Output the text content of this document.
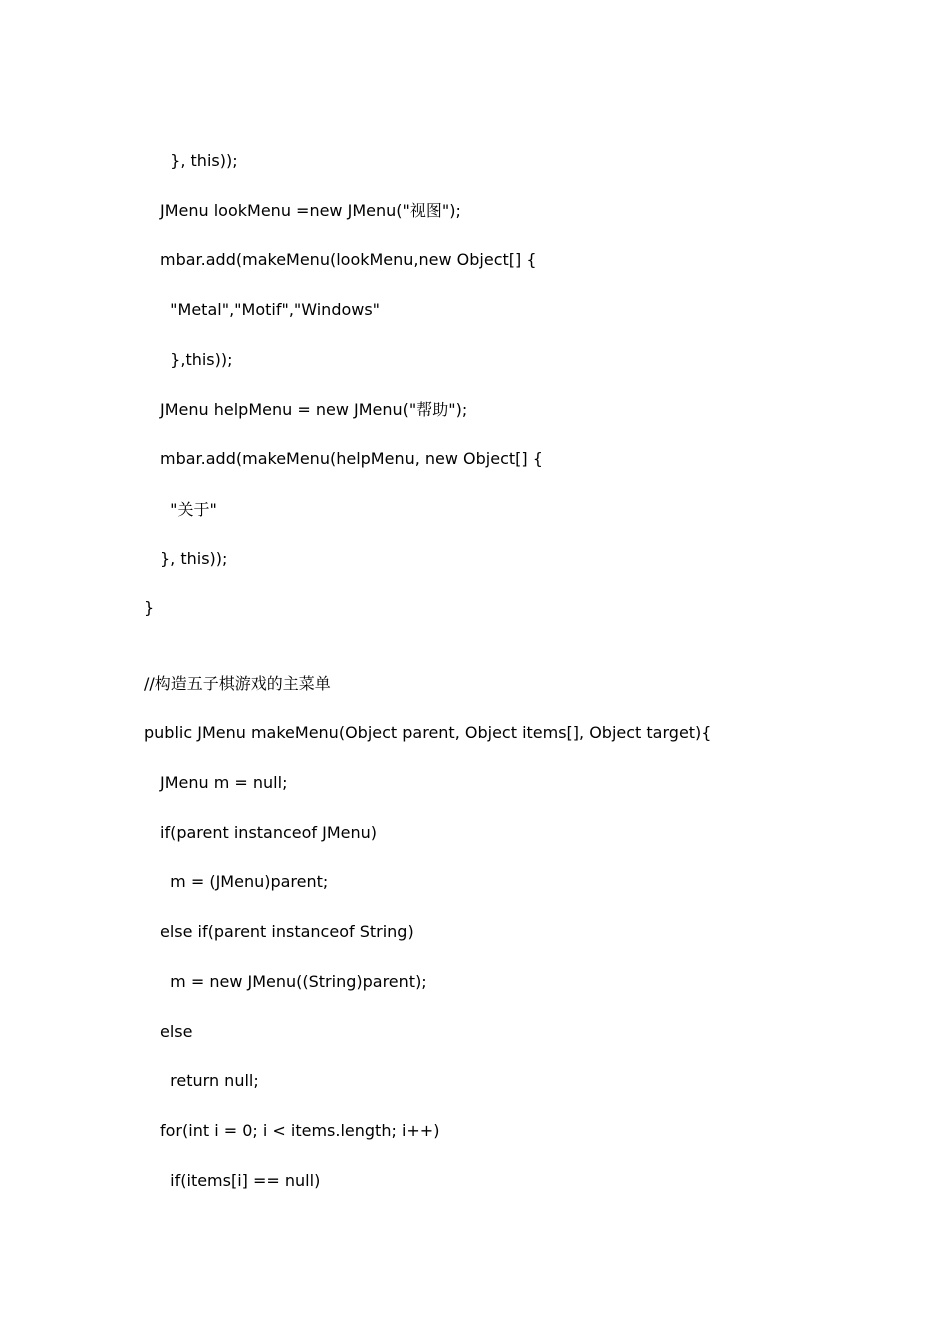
}, this));
JMenu lookMenu =new JMenu("视图");
mbar.add(makeMenu(lookMenu,new Object[] {
"Metal","Motif","Windows"
},this));
JMenu helpMenu = new JMenu("帮助");
mbar.add(makeMenu(helpMenu, new Object[] {
"关于"
}, this));
}
//构造五子棋游戏的主菜单
public JMenu makeMenu(Object parent, Object items[], Object target){
JMenu m = null;
if(parent instanceof JMenu)
m = (JMenu)parent;
else if(parent instanceof String)
m = new JMenu((String)parent);
else
return null;
for(int i = 0; i < items.length; i++)
if(items[i] == null)
